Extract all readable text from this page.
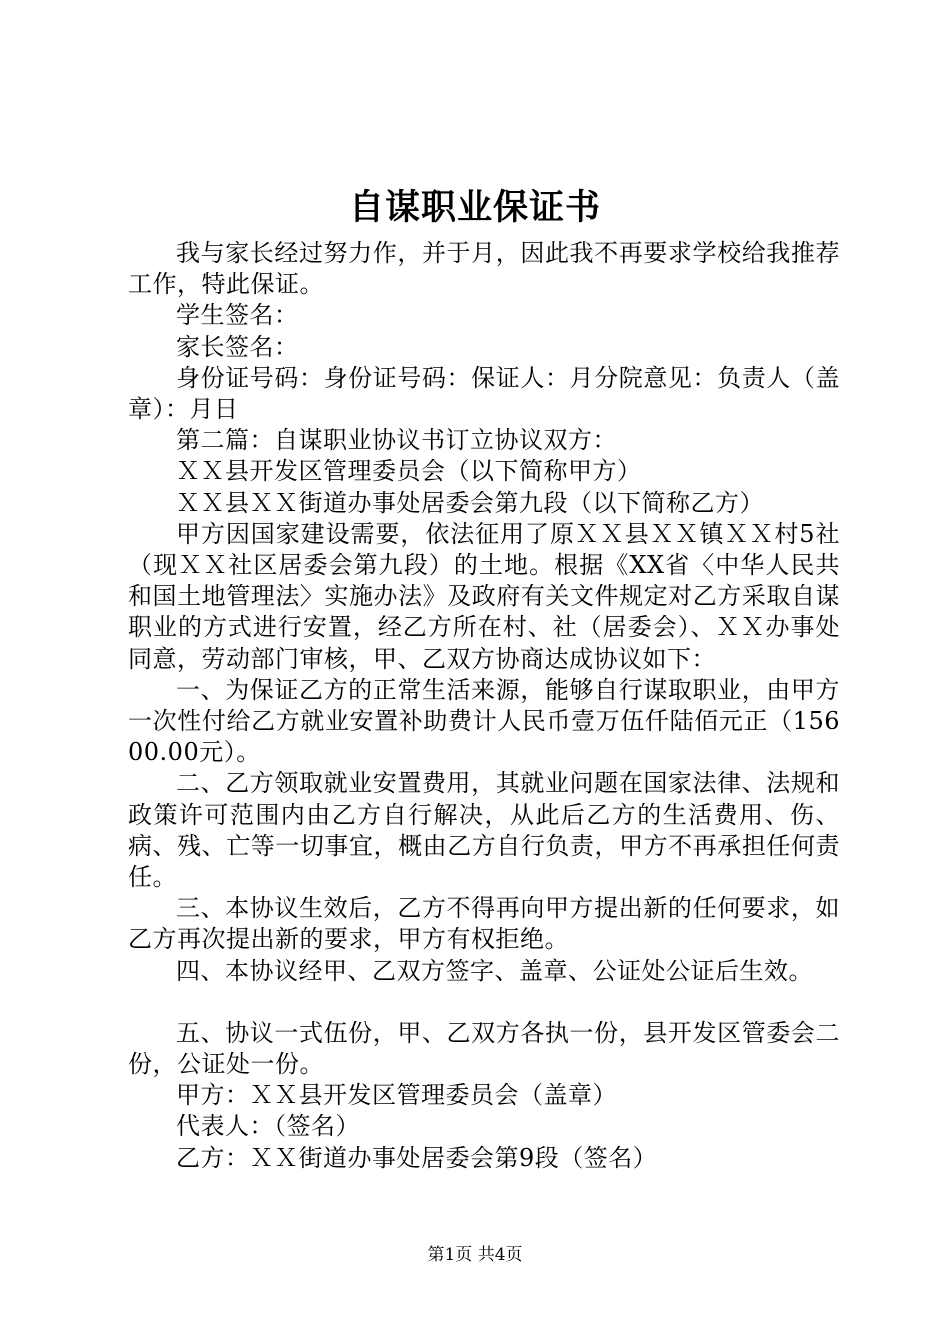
自谋职业保证书

我与家长经过努力作，并于月，因此我不再要求学校给我推荐工作，特此保证。

学生签名：

家长签名：

身份证号码：身份证号码：保证人：月分院意见：负责人（盖章）：月日

第二篇：自谋职业协议书订立协议双方：

ＸＸ县开发区管理委员会（以下简称甲方）

ＸＸ县ＸＸ街道办事处居委会第九段（以下简称乙方）

甲方因国家建设需要，依法征用了原ＸＸ县ＸＸ镇ＸＸ村5社（现ＸＸ社区居委会第九段）的土地。根据《XX省〈中华人民共和国土地管理法〉实施办法》及政府有关文件规定对乙方采取自谋职业的方式进行安置，经乙方所在村、社（居委会）、ＸＸ办事处同意，劳动部门审核，甲、乙双方协商达成协议如下：

一、为保证乙方的正常生活来源，能够自行谋取职业，由甲方一次性付给乙方就业安置补助费计人民币壹万伍仟陆佰元正（15600.00元）。

二、乙方领取就业安置费用，其就业问题在国家法律、法规和政策许可范围内由乙方自行解决，从此后乙方的生活费用、伤、病、残、亡等一切事宜，概由乙方自行负责，甲方不再承担任何责任。

三、本协议生效后，乙方不得再向甲方提出新的任何要求，如乙方再次提出新的要求，甲方有权拒绝。

四、本协议经甲、乙双方签字、盖章、公证处公证后生效。

五、协议一式伍份，甲、乙双方各执一份，县开发区管委会二份，公证处一份。

甲方：ＸＸ县开发区管理委员会（盖章）

代表人：（签名）

乙方：ＸＸ街道办事处居委会第9段（签名）

第1页 共4页
